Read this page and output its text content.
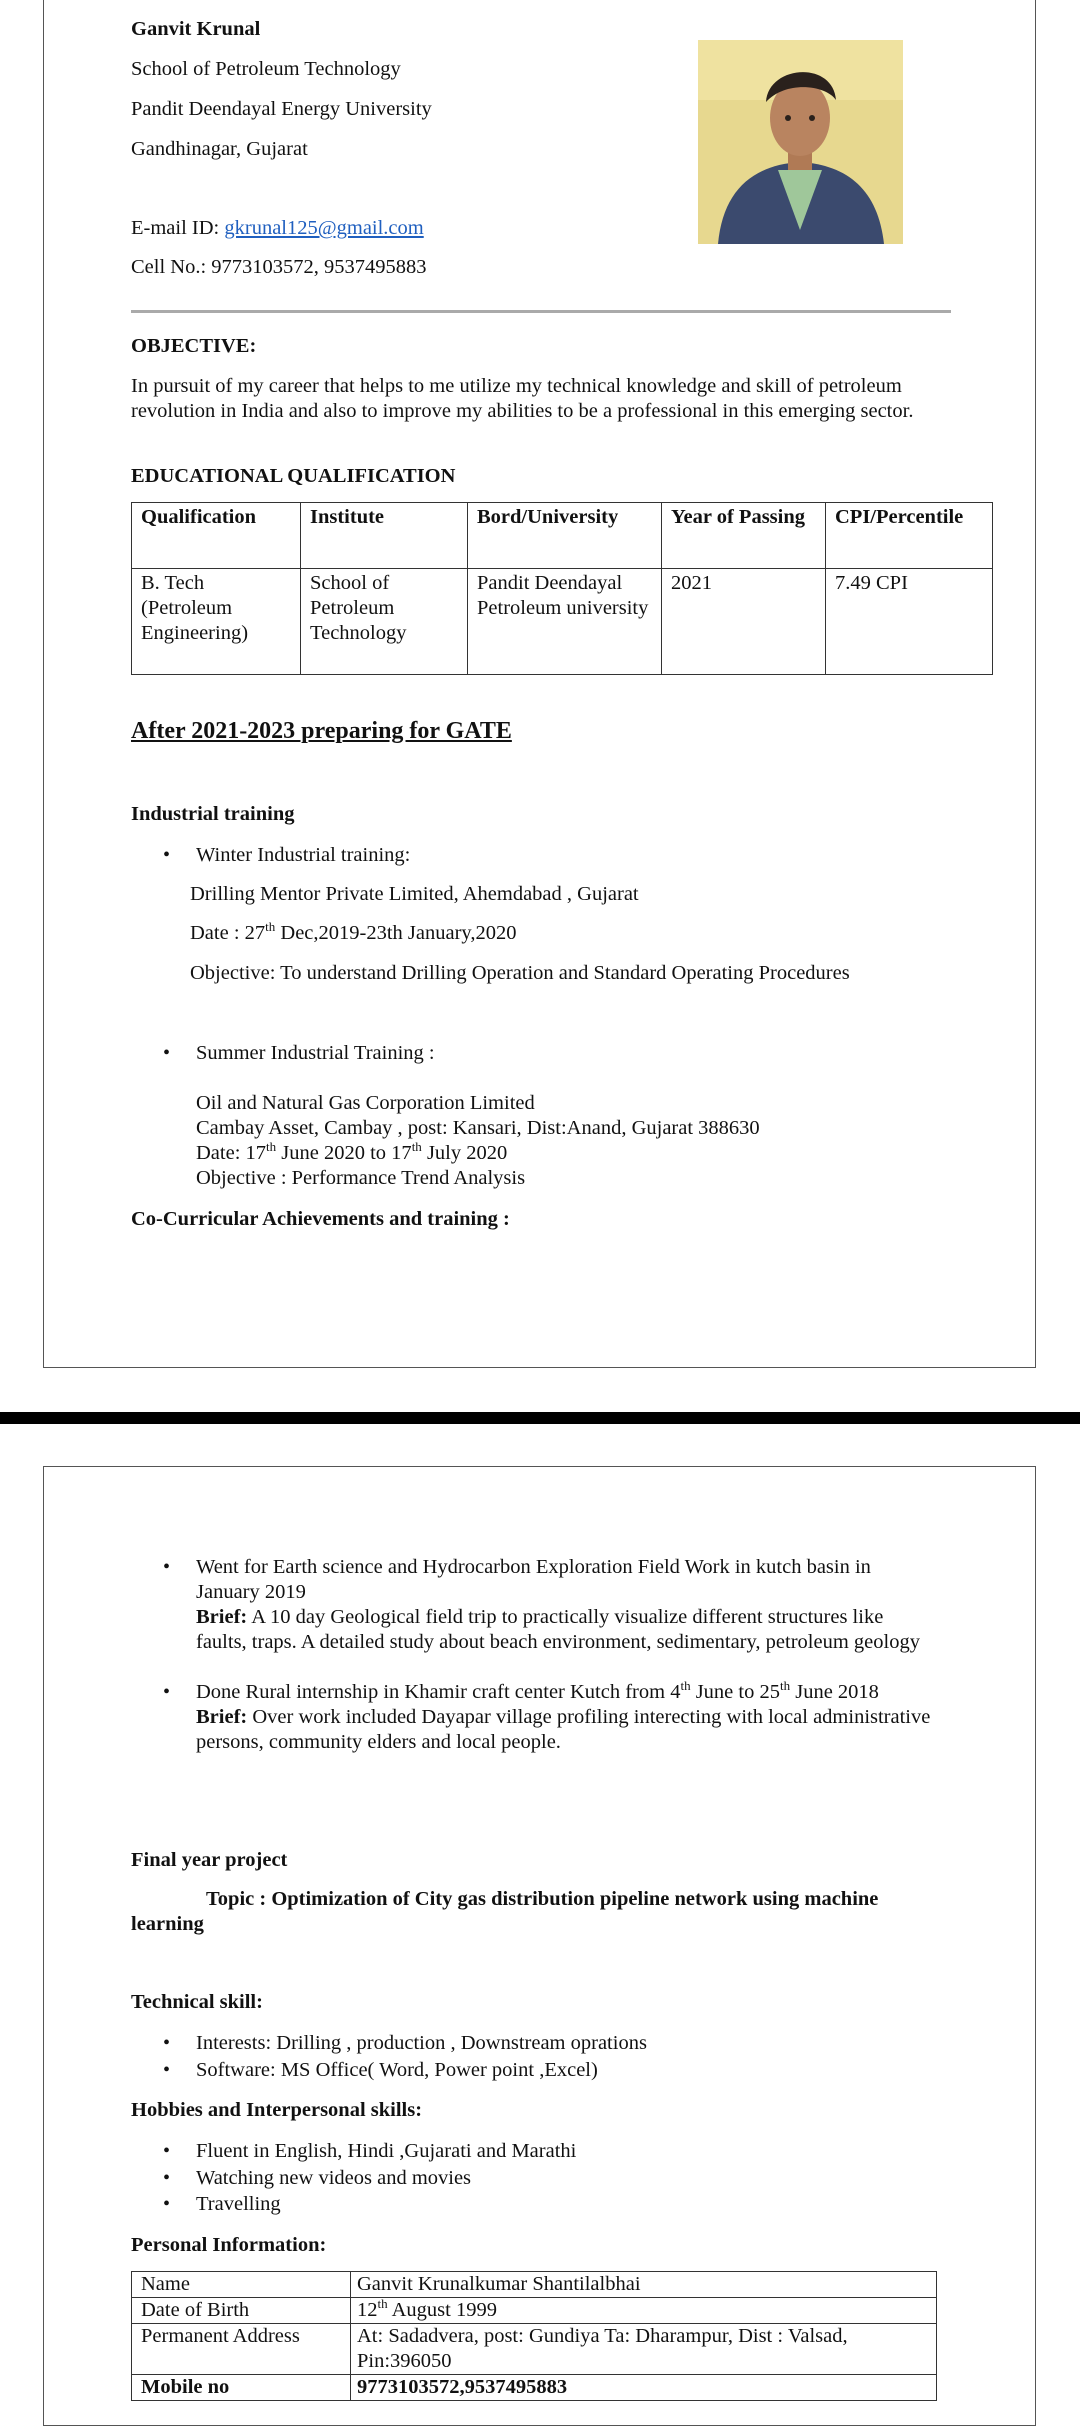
Ganvit Krunal
School of Petroleum Technology
Pandit Deendayal Energy University
Gandhinagar, Gujarat
E-mail ID: gkrunal125@gmail.com
Cell No.: 9773103572, 9537495883
OBJECTIVE:
In pursuit of my career that helps to me utilize my technical knowledge and skill of petroleum revolution in India and also to improve my abilities to be a professional in this emerging sector.
EDUCATIONAL QUALIFICATION
Qualification	Institute	Bord/University	Year of Passing	CPI/Percentile
B. Tech (Petroleum Engineering)	School of Petroleum Technology	Pandit Deendayal Petroleum university	2021	7.49 CPI
After 2021-2023 preparing for GATE
Industrial training
• Winter Industrial training:
Drilling Mentor Private Limited, Ahemdabad , Gujarat
Date : 27th Dec,2019-23th January,2020
Objective: To understand Drilling Operation and Standard Operating Procedures
• Summer Industrial Training :
Oil and Natural Gas Corporation Limited
Cambay Asset, Cambay , post: Kansari, Dist:Anand, Gujarat 388630
Date: 17th June 2020 to 17th July 2020
Objective : Performance Trend Analysis
Co-Curricular Achievements and training :
• Went for Earth science and Hydrocarbon Exploration Field Work in kutch basin in January 2019
Brief: A 10 day Geological field trip to practically visualize different structures like faults, traps. A detailed study about beach environment, sedimentary, petroleum geology
• Done Rural internship in Khamir craft center Kutch from 4th June to 25th June 2018
Brief: Over work included Dayapar village profiling interecting with local administrative persons, community elders and local people.
Final year project
Topic : Optimization of City gas distribution pipeline network using machine learning
Technical skill:
• Interests: Drilling , production , Downstream oprations
• Software: MS Office( Word, Power point ,Excel)
Hobbies and Interpersonal skills:
• Fluent in English, Hindi ,Gujarati and Marathi
• Watching new videos and movies
• Travelling
Personal Information:
Name	Ganvit Krunalkumar Shantilalbhai
Date of Birth	12th August 1999
Permanent Address	At: Sadadvera, post: Gundiya Ta: Dharampur, Dist : Valsad, Pin:396050
Mobile no	9773103572,9537495883
